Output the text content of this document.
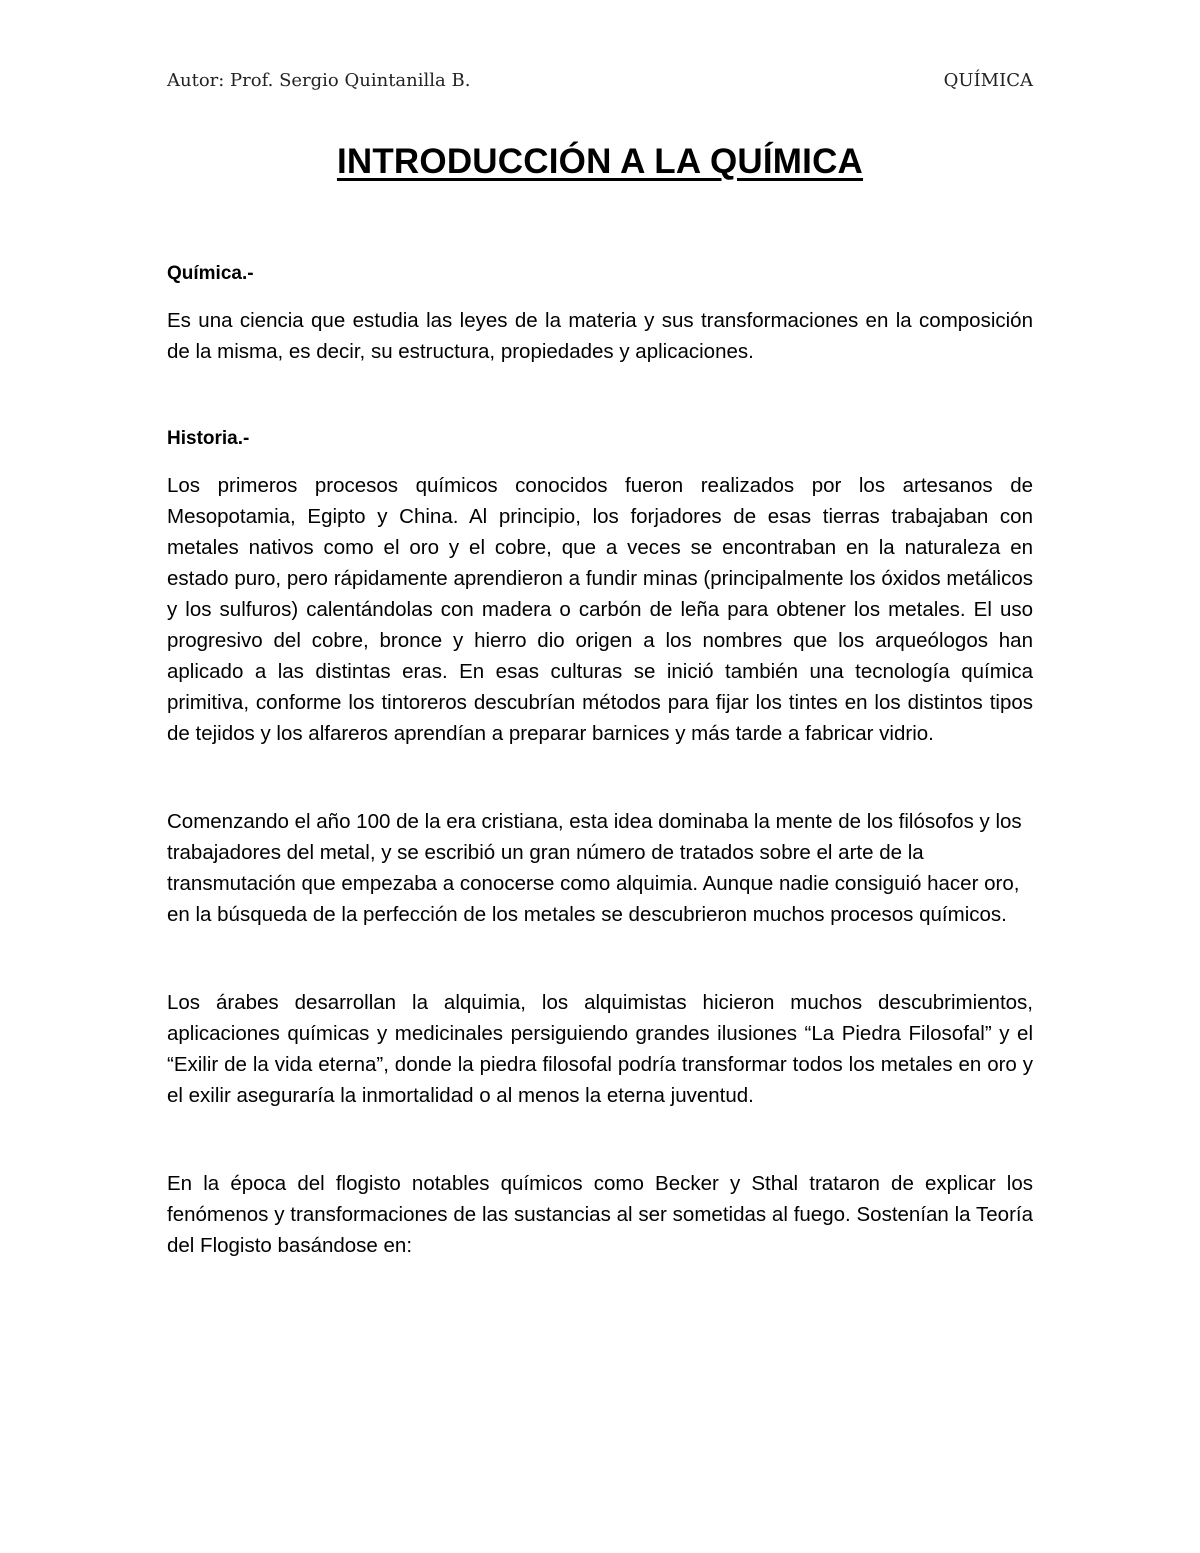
Autor: Prof. Sergio Quintanilla B.	QUÍMICA
INTRODUCCIÓN A LA QUÍMICA
Química.-

Es una ciencia que estudia las leyes de la materia y sus transformaciones en la composición de la misma, es decir, su estructura, propiedades y aplicaciones.

Historia.-

Los primeros procesos químicos conocidos fueron realizados por los artesanos de Mesopotamia, Egipto y China. Al principio, los forjadores de esas tierras trabajaban con metales nativos como el oro y el cobre, que a veces se encontraban en la naturaleza en estado puro, pero rápidamente aprendieron a fundir minas (principalmente los óxidos metálicos y los sulfuros) calentándolas con madera o carbón de leña para obtener los metales. El uso progresivo del cobre, bronce y hierro dio origen a los nombres que los arqueólogos han aplicado a las distintas eras. En esas culturas se inició también una tecnología química primitiva, conforme los tintoreros descubrían métodos para fijar los tintes en los distintos tipos de tejidos y los alfareros aprendían a preparar barnices y más tarde a fabricar vidrio.

Comenzando el año 100 de la era cristiana, esta idea dominaba la mente de los filósofos y los trabajadores del metal, y se escribió un gran número de tratados sobre el arte de la transmutación que empezaba a conocerse como alquimia. Aunque nadie consiguió hacer oro, en la búsqueda de la perfección de los metales se descubrieron muchos procesos químicos.

Los árabes desarrollan la alquimia, los alquimistas hicieron muchos descubrimientos, aplicaciones químicas y medicinales persiguiendo grandes ilusiones “La Piedra Filosofal” y el “Exilir de la vida eterna”, donde la piedra filosofal podría transformar todos los metales en oro y el exilir aseguraría la inmortalidad o al menos la eterna juventud.

En la época del flogisto notables químicos como Becker y Sthal trataron de explicar los fenómenos y transformaciones de las sustancias al ser sometidas al fuego. Sostenían la Teoría del Flogisto basándose en:
